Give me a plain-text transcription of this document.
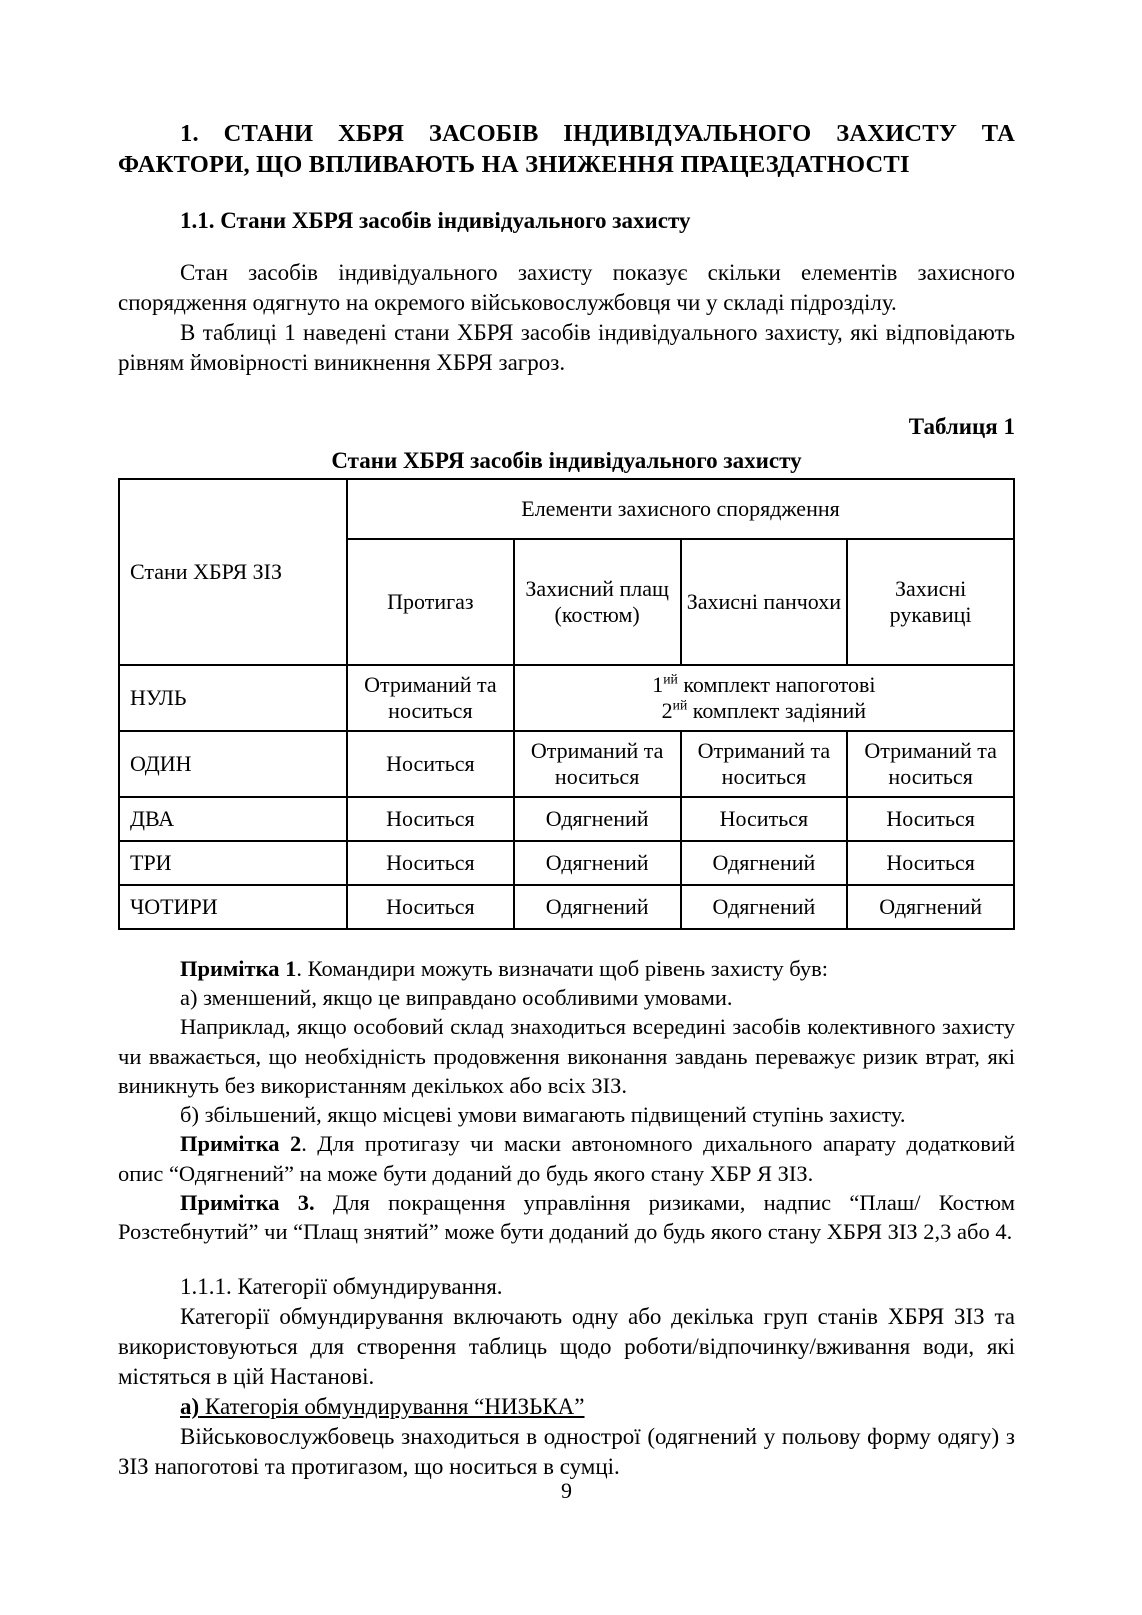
1. СТАНИ ХБРЯ ЗАСОБІВ ІНДИВІДУАЛЬНОГО ЗАХИСТУ ТА ФАКТОРИ, ЩО ВПЛИВАЮТЬ НА ЗНИЖЕННЯ ПРАЦЕЗДАТНОСТІ
1.1. Стани ХБРЯ засобів індивідуального захисту

Стан засобів індивідуального захисту показує скільки елементів захисного спорядження одягнуто на окремого військовослужбовця чи у складі підрозділу.

В таблиці 1 наведені стани ХБРЯ засобів індивідуального захисту, які відповідають рівням ймовірності виникнення ХБРЯ загроз.

Таблиця 1

Стани ХБРЯ засобів індивідуального захисту

Стани ХБРЯ ЗІЗ	Елементи захисного спорядження			
	Протигаз	Захисний плащ (костюм)	Захисні панчохи	Захисні рукавиці
НУЛЬ	Отриманий та носиться	$1^{ий}$ комплект напоготові
$2^{ий}$ комплект задіяний		

ОДИН	Носиться	Отриманий та носиться	Отриманий та носиться	Отриманий та носиться
ДВА	Носиться	Одягнений	Носиться	Носиться
ТРИ	Носиться	Одягнений	Одягнений	Носиться
ЧОТИРИ	Носиться	Одягнений	Одягнений	Одягнений

Примітка 1. Командири можуть визначати щоб рівень захисту був:

а) зменшений, якщо це виправдано особливими умовами.

Наприклад, якщо особовий склад знаходиться всередині засобів колективного захисту чи вважається, що необхідність продовження виконання завдань переважує ризик втрат, які виникнуть без використанням декількох або всіх ЗІЗ.

б) збільшений, якщо місцеві умови вимагають підвищений ступінь захисту.

Примітка 2. Для протигазу чи маски автономного дихального апарату додатковий опис “Одягнений” на може бути доданий до будь якого стану ХБР Я ЗІЗ.

Примітка 3. Для покращення управління ризиками, надпис “Плаш/ Костюм Розстебнутий” чи “Плащ знятий” може бути доданий до будь якого стану ХБРЯ ЗІЗ 2,3 або 4.

1.1.1. Категорії обмундирування.

Категорії обмундирування включають одну або декілька груп станів ХБРЯ ЗІЗ та використовуються для створення таблиць щодо роботи/відпочинку/вживання води, які містяться в цій Настанові.

а) Категорія обмундирування “НИЗЬКА”

Військовослужбовець знаходиться в однострої (одягнений у польову форму одягу) з ЗІЗ напоготові та протигазом, що носиться в сумці.

9
